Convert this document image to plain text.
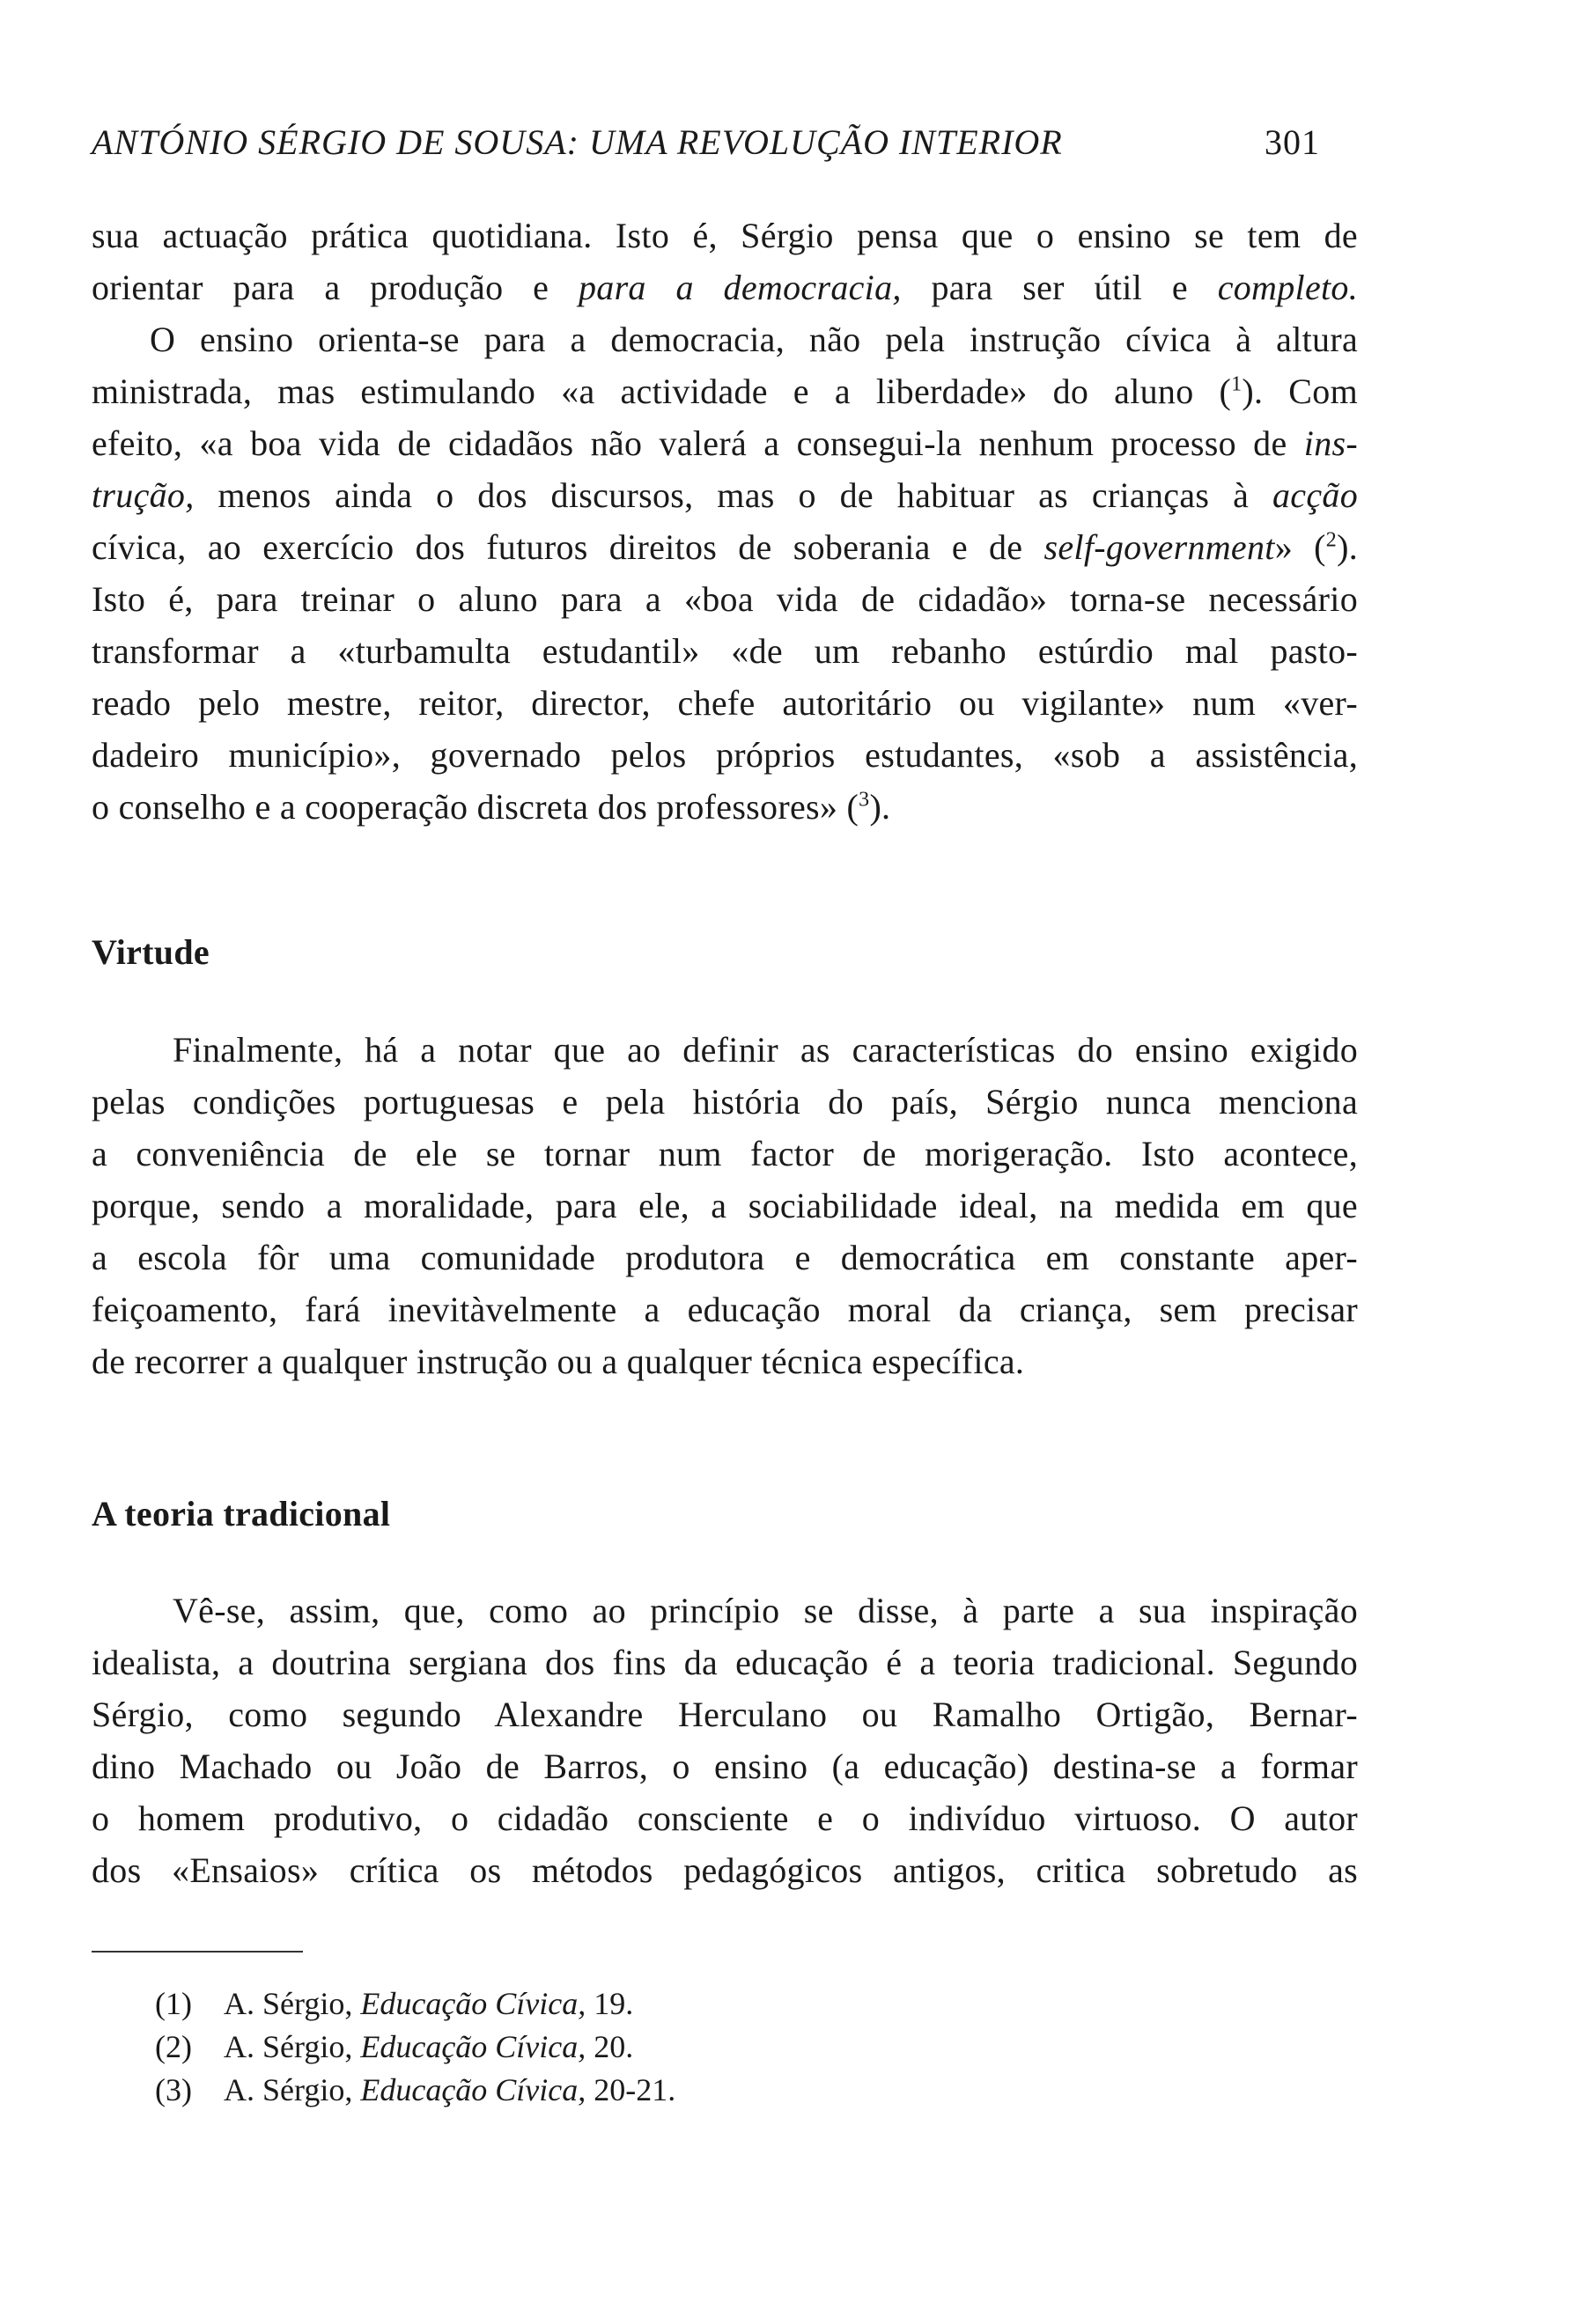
ANTÓNIO SÉRGIO DE SOUSA: UMA REVOLUÇÃO INTERIOR	301
sua actuação prática quotidiana. Isto é, Sérgio pensa que o ensino se tem de
orientar para a produção e para a democracia, para ser útil e completo.
O ensino orienta-se para a democracia, não pela instrução cívica à altura
ministrada, mas estimulando «a actividade e a liberdade» do aluno ($^1$). Com
efeito, «a boa vida de cidadãos não valerá a consegui-la nenhum processo de ins-
trução, menos ainda o dos discursos, mas o de habituar as crianças à acção
cívica, ao exercício dos futuros direitos de soberania e de self-government» ($^2$).
Isto é, para treinar o aluno para a «boa vida de cidadão» torna-se necessário
transformar a «turbamulta estudantil» «de um rebanho estúrdio mal pasto-
reado pelo mestre, reitor, director, chefe autoritário ou vigilante» num «ver-
dadeiro município», governado pelos próprios estudantes, «sob a assistência,
o conselho e a cooperação discreta dos professores» ($^3$).
Virtude
Finalmente, há a notar que ao definir as características do ensino exigido
pelas condições portuguesas e pela história do país, Sérgio nunca menciona
a conveniência de ele se tornar num factor de morigeração. Isto acontece,
porque, sendo a moralidade, para ele, a sociabilidade ideal, na medida em que
a escola fôr uma comunidade produtora e democrática em constante aper-
feiçoamento, fará inevitàvelmente a educação moral da criança, sem precisar
de recorrer a qualquer instrução ou a qualquer técnica específica.
A teoria tradicional
Vê-se, assim, que, como ao princípio se disse, à parte a sua inspiração
idealista, a doutrina sergiana dos fins da educação é a teoria tradicional. Segundo
Sérgio, como segundo Alexandre Herculano ou Ramalho Ortigão, Bernar-
dino Machado ou João de Barros, o ensino (a educação) destina-se a formar
o homem produtivo, o cidadão consciente e o indivíduo virtuoso. O autor
dos «Ensaios» crítica os métodos pedagógicos antigos, critica sobretudo as
(1) A. Sérgio, Educação Cívica, 19.
(2) A. Sérgio, Educação Cívica, 20.
(3) A. Sérgio, Educação Cívica, 20-21.
